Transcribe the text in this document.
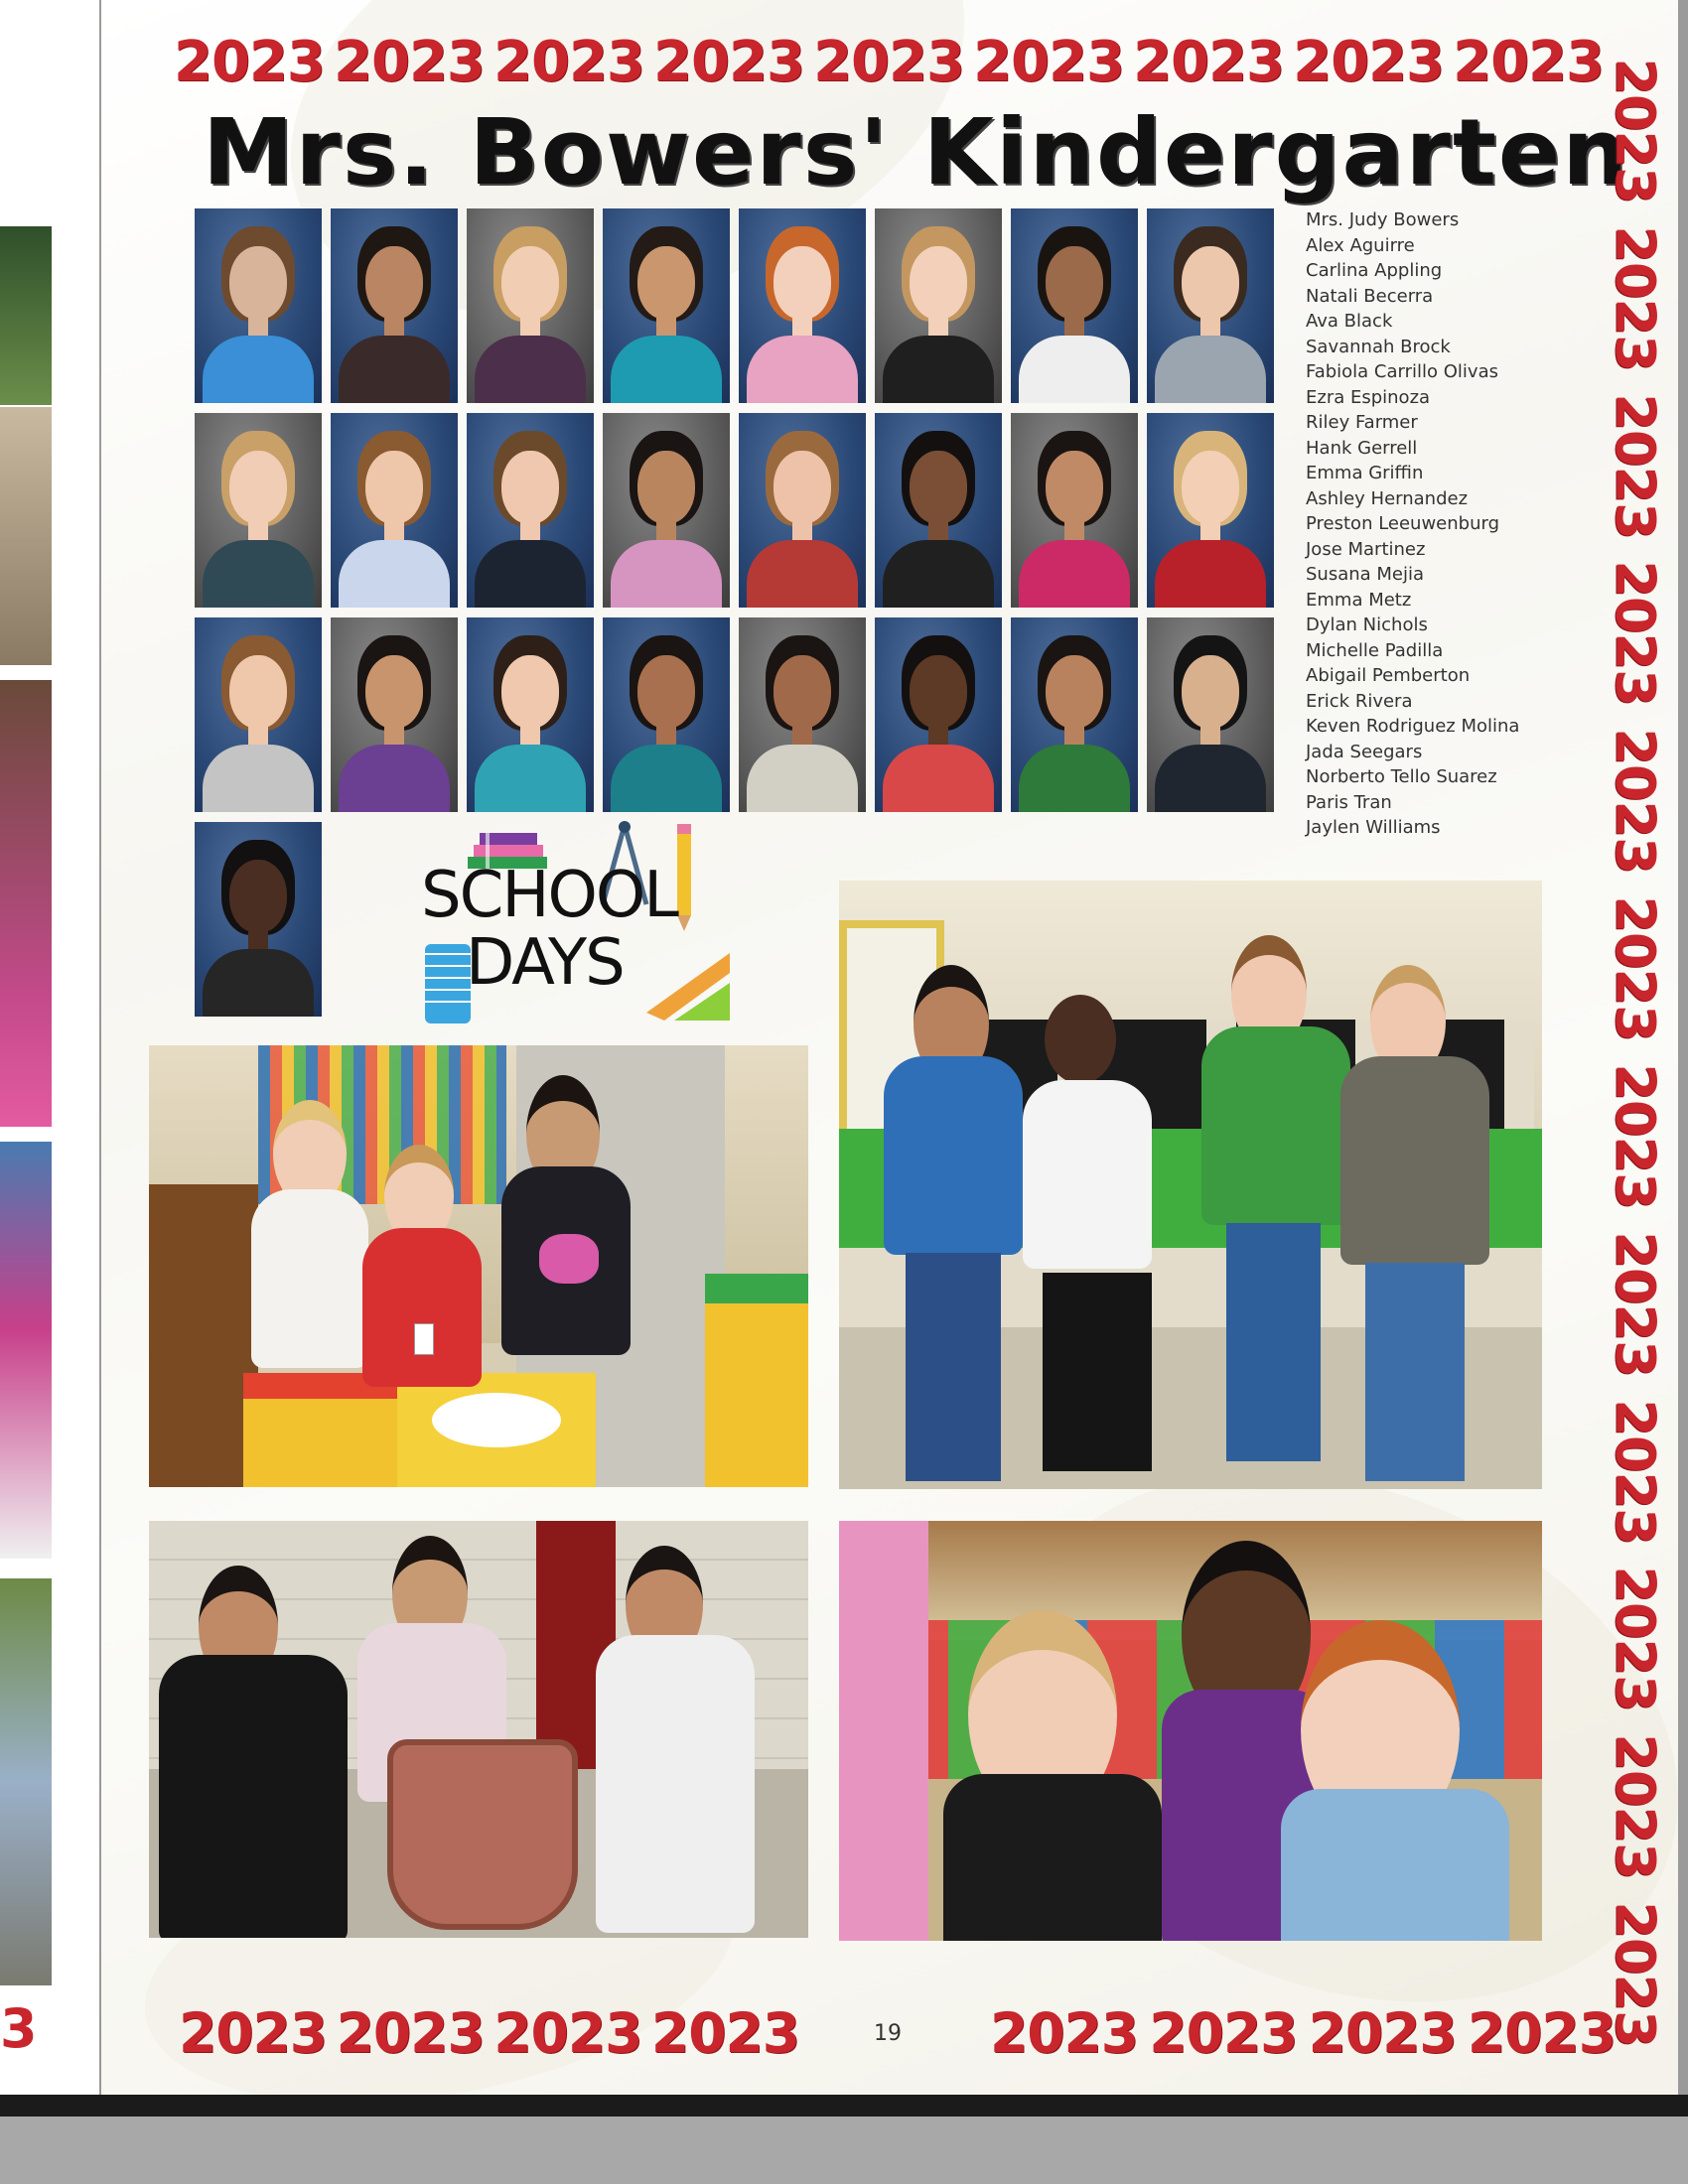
3
2023 2023 2023 2023 2023 2023 2023 2023 2023
Mrs. Bowers' Kindergarten
2023
2023
2023
2023
2023
2023
2023
2023
2023
2023
2023
2023
Mrs. Judy Bowers
Alex Aguirre
Carlina Appling
Natali Becerra
Ava Black
Savannah Brock
Fabiola Carrillo Olivas
Ezra Espinoza
Riley Farmer
Hank Gerrell
Emma Griffin
Ashley Hernandez
Preston Leeuwenburg
Jose Martinez
Susana Mejia
Emma Metz
Dylan Nichols
Michelle Padilla
Abigail Pemberton
Erick Rivera
Keven Rodriguez Molina
Jada Seegars
Norberto Tello Suarez
Paris Tran
Jaylen Williams
SCHOOL
DAYS
2023 2023 2023 2023	19 2023 2023 2023 2023
